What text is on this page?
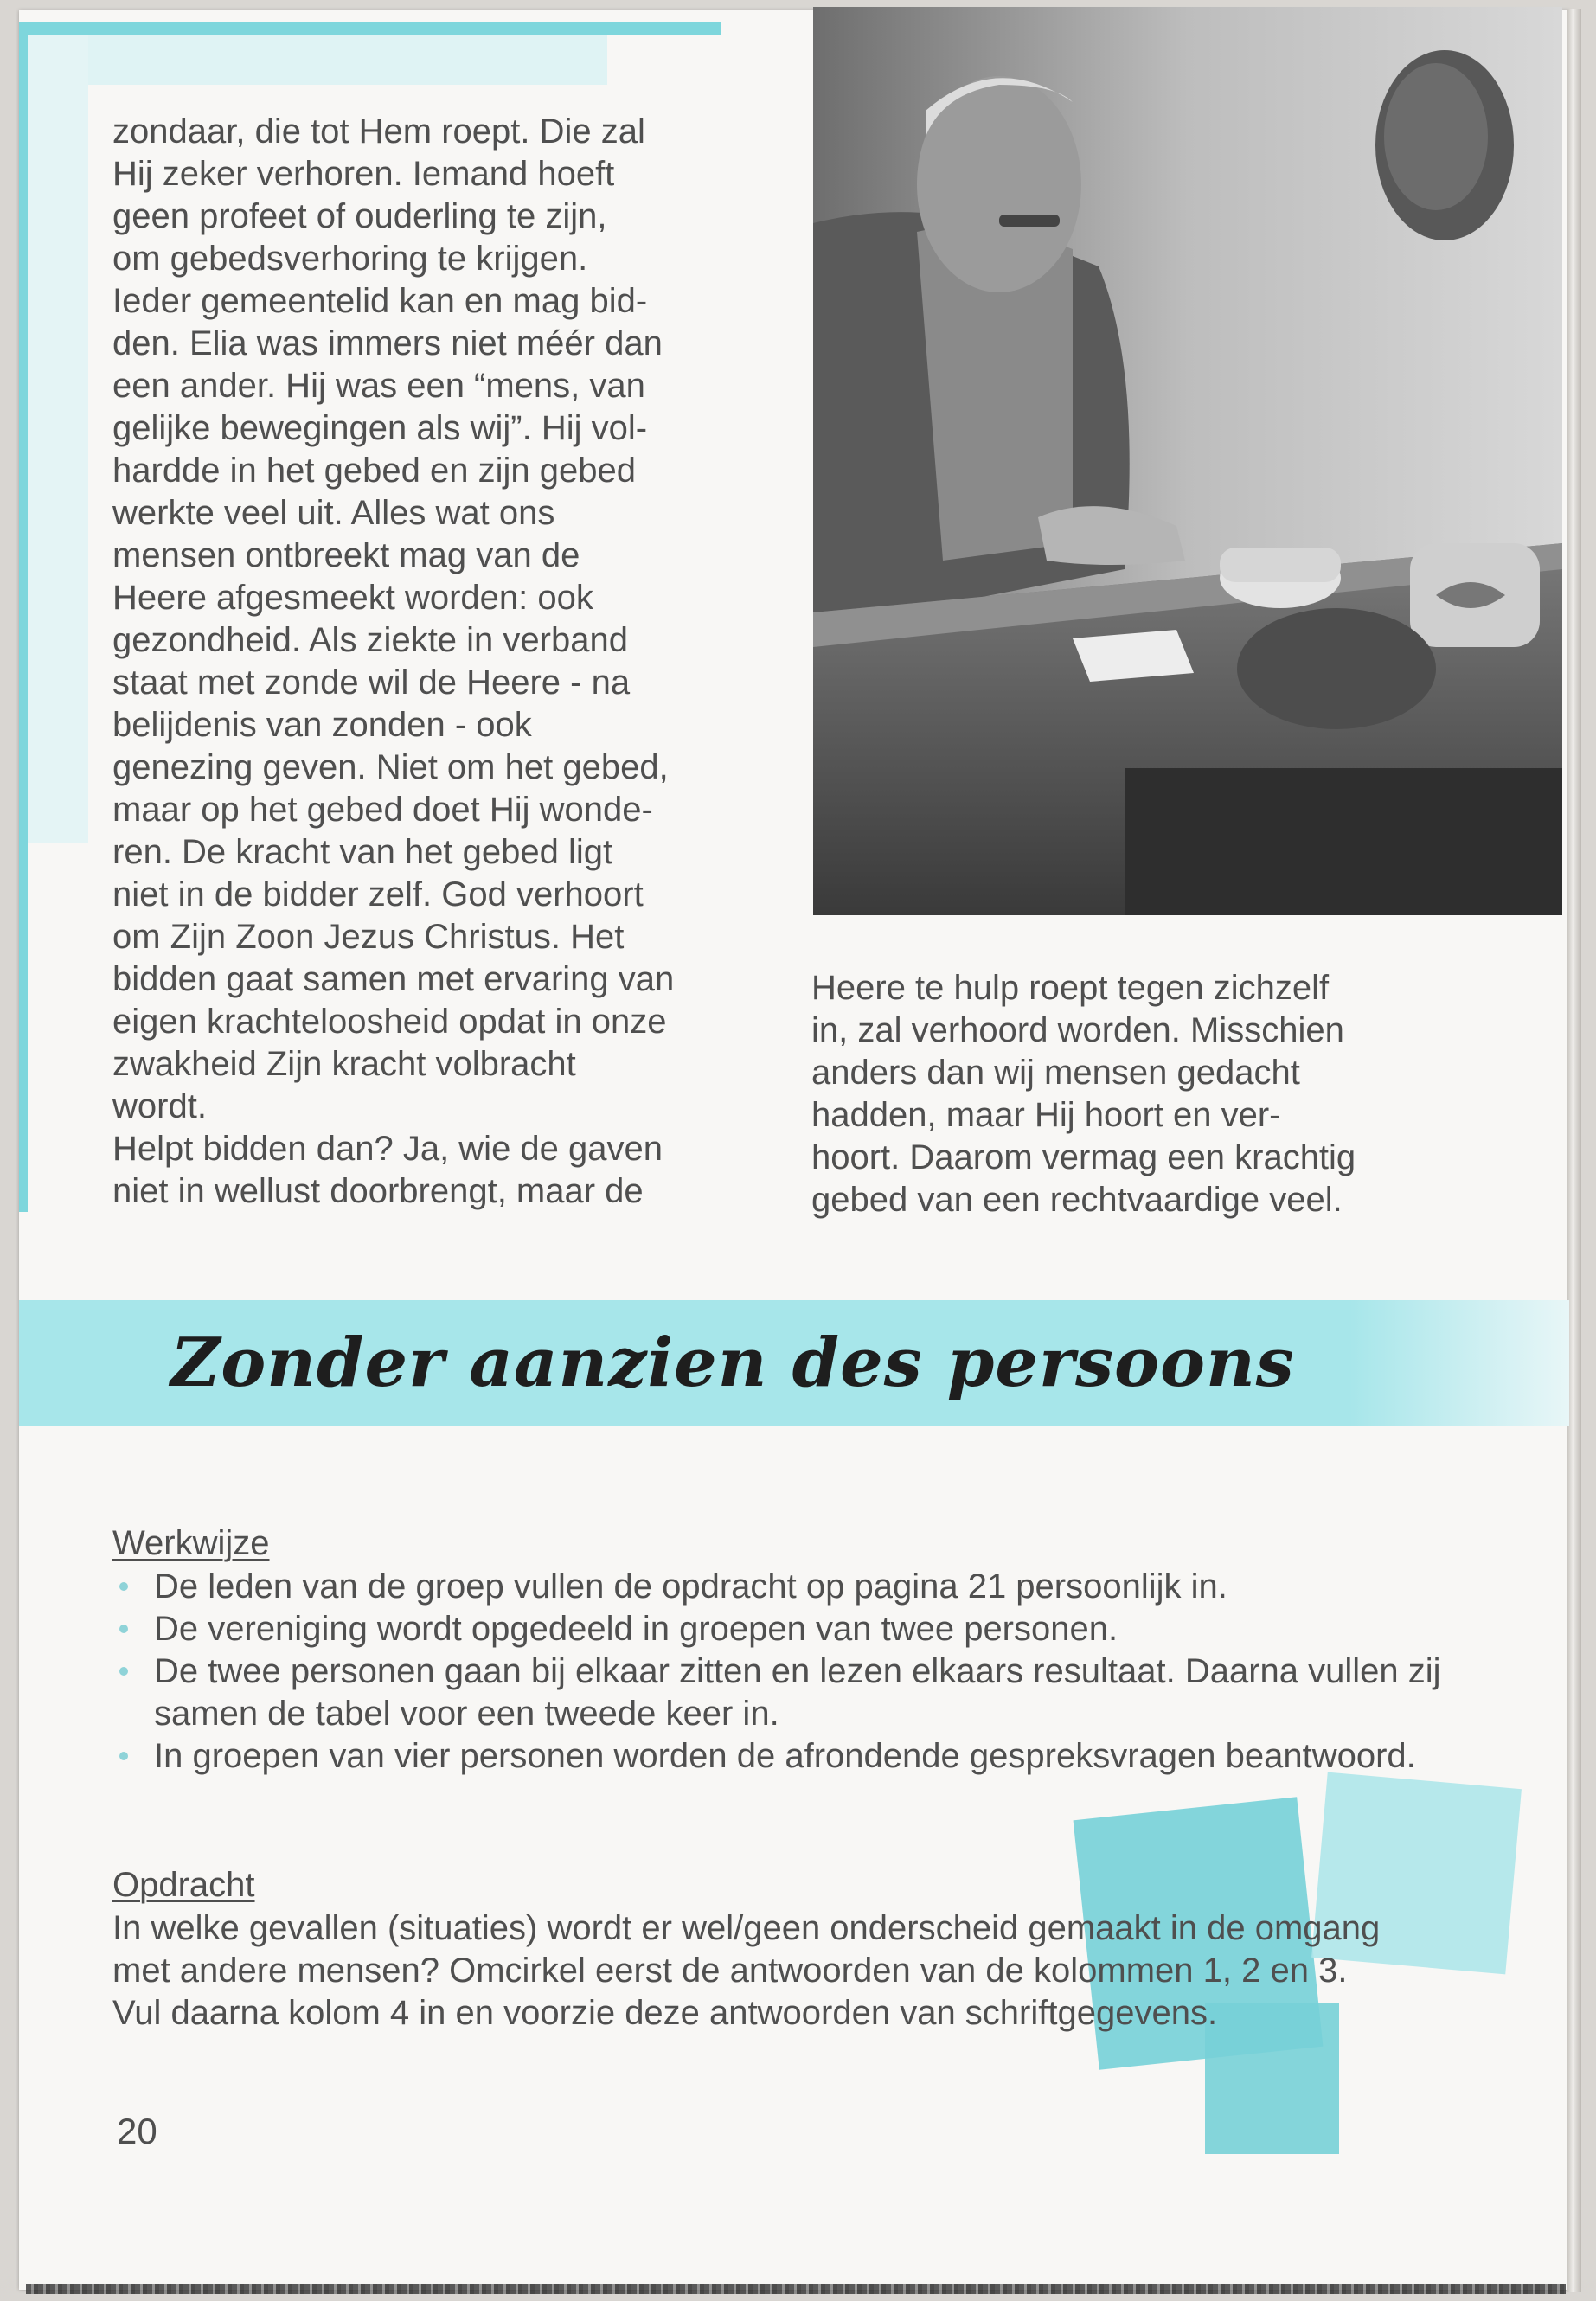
zondaar, die tot Hem roept. Die zal
Hij zeker verhoren. Iemand hoeft
geen profeet of ouderling te zijn,
om gebedsverhoring te krijgen.
Ieder gemeentelid kan en mag bid-
den. Elia was immers niet méér dan
een ander. Hij was een “mens, van
gelijke bewegingen als wij”. Hij vol-
hardde in het gebed en zijn gebed
werkte veel uit. Alles wat ons
mensen ontbreekt mag van de
Heere afgesmeekt worden: ook
gezondheid. Als ziekte in verband
staat met zonde wil de Heere - na
belijdenis van zonden - ook
genezing geven. Niet om het gebed,
maar op het gebed doet Hij wonde-
ren. De kracht van het gebed ligt
niet in de bidder zelf. God verhoort
om Zijn Zoon Jezus Christus. Het
bidden gaat samen met ervaring van
eigen krachteloosheid opdat in onze
zwakheid Zijn kracht volbracht
wordt.
Helpt bidden dan? Ja, wie de gaven
niet in wellust doorbrengt, maar de

Heere te hulp roept tegen zichzelf
in, zal verhoord worden. Misschien
anders dan wij mensen gedacht
hadden, maar Hij hoort en ver-
hoort. Daarom vermag een krachtig
gebed van een rechtvaardige veel.

Zonder aanzien des persoons
Werkwijze
De leden van de groep vullen de opdracht op pagina 21 persoonlijk in.
De vereniging wordt opgedeeld in groepen van twee personen.
De twee personen gaan bij elkaar zitten en lezen elkaars resultaat. Daarna vullen zij samen de tabel voor een tweede keer in.
In groepen van vier personen worden de afrondende gespreksvragen beantwoord.
Opdracht

In welke gevallen (situaties) wordt er wel/geen onderscheid gemaakt in de omgang met andere mensen? Omcirkel eerst de antwoorden van de kolommen 1, 2 en 3. Vul daarna kolom 4 in en voorzie deze antwoorden van schriftgegevens.

20
